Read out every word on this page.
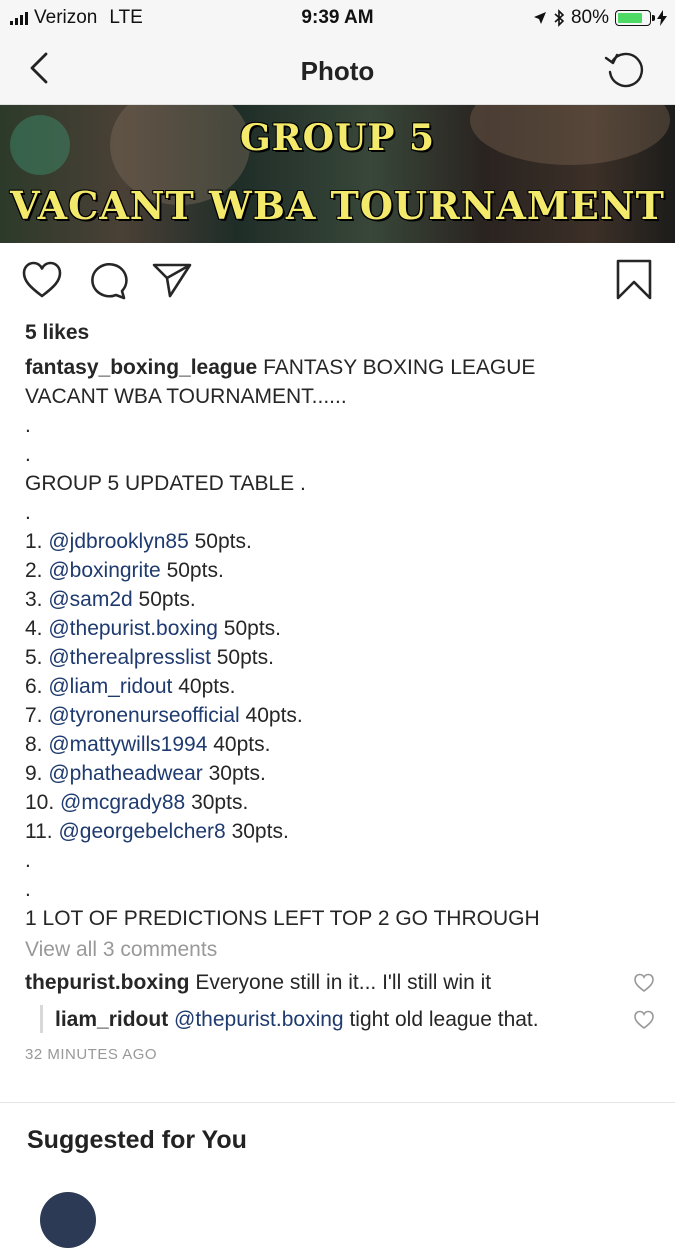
Verizon LTE	9:39 AM	80%
Photo
GROUP 5
VACANT WBA TOURNAMENT
5 likes
fantasy_boxing_league FANTASY BOXING LEAGUE
VACANT WBA TOURNAMENT......
.
.
GROUP 5 UPDATED TABLE .
.
1. @jdbrooklyn85 50pts.
2. @boxingrite 50pts.
3. @sam2d 50pts.
4. @thepurist.boxing 50pts.
5. @therealpresslist 50pts.
6. @liam_ridout 40pts.
7. @tyronenurseofficial 40pts.
8. @mattywills1994 40pts.
9. @phatheadwear 30pts.
10. @mcgrady88 30pts.
11. @georgebelcher8 30pts.
.
.
1 LOT OF PREDICTIONS LEFT TOP 2 GO THROUGH
View all 3 comments
thepurist.boxing Everyone still in it... I'll still win it
liam_ridout @thepurist.boxing tight old league that.
32 MINUTES AGO
Suggested for You
